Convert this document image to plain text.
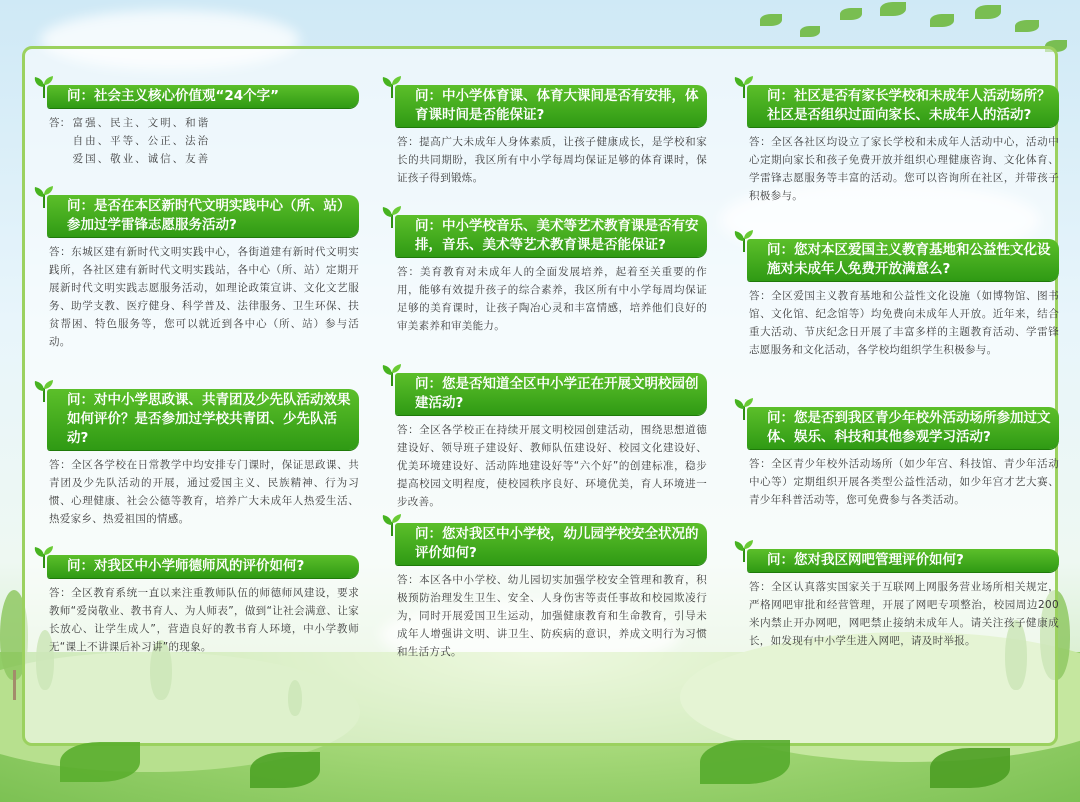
问：社会主义核心价值观“24个字”
答： 富强、民主、文明、和谐
自由、平等、公正、法治
爱国、敬业、诚信、友善
问：是否在本区新时代文明实践中心（所、站）参加过学雷锋志愿服务活动?
答：东城区建有新时代文明实践中心，各街道建有新时代文明实践所，各社区建有新时代文明实践站，各中心（所、站）定期开展新时代文明实践志愿服务活动，如理论政策宣讲、文化文艺服务、助学支教、医疗健身、科学普及、法律服务、卫生环保、扶贫帮困、特色服务等，您可以就近到各中心（所、站）参与活动。
问：对中小学思政课、共青团及少先队活动效果如何评价？是否参加过学校共青团、少先队活动?
答：全区各学校在日常教学中均安排专门课时，保证思政课、共青团及少先队活动的开展，通过爱国主义、民族精神、行为习惯、心理健康、社会公德等教育，培养广大未成年人热爱生活、热爱家乡、热爱祖国的情感。
问：对我区中小学师德师风的评价如何?
答：全区教育系统一直以来注重教师队伍的师德师风建设，要求教师“爱岗敬业、教书育人、为人师表”，做到“让社会满意、让家长放心、让学生成人”，营造良好的教书育人环境，中小学教师无“课上不讲课后补习讲”的现象。
问：中小学体育课、体育大课间是否有安排，体育课时间是否能保证?
答：提高广大未成年人身体素质，让孩子健康成长，是学校和家长的共同期盼，我区所有中小学每周均保证足够的体育课时，保证孩子得到锻炼。
问：中小学校音乐、美术等艺术教育课是否有安排，音乐、美术等艺术教育课是否能保证?
答：美育教育对未成年人的全面发展培养，起着至关重要的作用，能够有效提升孩子的综合素养，我区所有中小学每周均保证足够的美育课时，让孩子陶冶心灵和丰富情感，培养他们良好的审美素养和审美能力。
问：您是否知道全区中小学正在开展文明校园创建活动?
答：全区各学校正在持续开展文明校园创建活动，围绕思想道德建设好、领导班子建设好、教师队伍建设好、校园文化建设好、优美环境建设好、活动阵地建设好等“六个好”的创建标准，稳步提高校园文明程度，使校园秩序良好、环境优美，育人环境进一步改善。
问：您对我区中小学校，幼儿园学校安全状况的评价如何?
答：本区各中小学校、幼儿园切实加强学校安全管理和教育，积极预防治理发生卫生、安全、人身伤害等责任事故和校园欺凌行为，同时开展爱国卫生运动，加强健康教育和生命教育，引导未成年人增强讲文明、讲卫生、防疾病的意识，养成文明行为习惯和生活方式。
问：社区是否有家长学校和未成年人活动场所？社区是否组织过面向家长、未成年人的活动?
答：全区各社区均设立了家长学校和未成年人活动中心，活动中心定期向家长和孩子免费开放并组织心理健康咨询、文化体育、学雷锋志愿服务等丰富的活动。您可以咨询所在社区，并带孩子积极参与。
问：您对本区爱国主义教育基地和公益性文化设施对未成年人免费开放满意么?
答：全区爱国主义教育基地和公益性文化设施（如博物馆、图书馆、文化馆、纪念馆等）均免费向未成年人开放。近年来，结合重大活动、节庆纪念日开展了丰富多样的主题教育活动、学雷锋志愿服务和文化活动，各学校均组织学生积极参与。
问：您是否到我区青少年校外活动场所参加过文体、娱乐、科技和其他参观学习活动?
答：全区青少年校外活动场所（如少年宫、科技馆、青少年活动中心等）定期组织开展各类型公益性活动，如少年宫才艺大赛、青少年科普活动等，您可免费参与各类活动。
问：您对我区网吧管理评价如何?
答：全区认真落实国家关于互联网上网服务营业场所相关规定，严格网吧审批和经营管理，开展了网吧专项整治，校园周边200米内禁止开办网吧，网吧禁止接纳未成年人。请关注孩子健康成长，如发现有中小学生进入网吧，请及时举报。
